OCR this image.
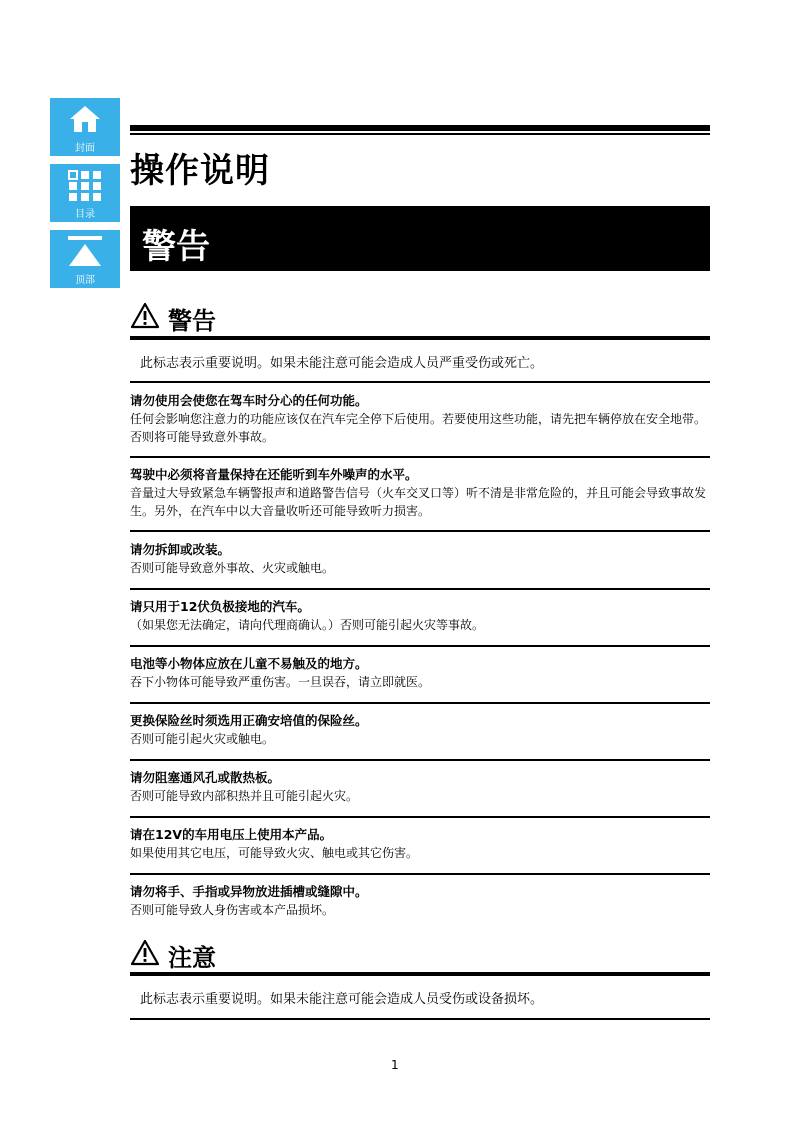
封面
目录
顶部
操作说明
警告
警告
此标志表示重要说明。如果未能注意可能会造成人员严重受伤或死亡。
请勿使用会使您在驾车时分心的任何功能。
任何会影响您注意力的功能应该仅在汽车完全停下后使用。若要使用这些功能，请先把车辆停放在安全地带。否则将可能导致意外事故。
驾驶中必须将音量保持在还能听到车外噪声的水平。
音量过大导致紧急车辆警报声和道路警告信号（火车交叉口等）听不清是非常危险的，并且可能会导致事故发生。另外，在汽车中以大音量收听还可能导致听力损害。
请勿拆卸或改装。
否则可能导致意外事故、火灾或触电。
请只用于12伏负极接地的汽车。
（如果您无法确定，请向代理商确认。）否则可能引起火灾等事故。
电池等小物体应放在儿童不易触及的地方。
吞下小物体可能导致严重伤害。一旦误吞，请立即就医。
更换保险丝时须选用正确安培值的保险丝。
否则可能引起火灾或触电。
请勿阻塞通风孔或散热板。
否则可能导致内部积热并且可能引起火灾。
请在12V的车用电压上使用本产品。
如果使用其它电压，可能导致火灾、触电或其它伤害。
请勿将手、手指或异物放进插槽或缝隙中。
否则可能导致人身伤害或本产品损坏。
注意
此标志表示重要说明。如果未能注意可能会造成人员受伤或设备损坏。
1
